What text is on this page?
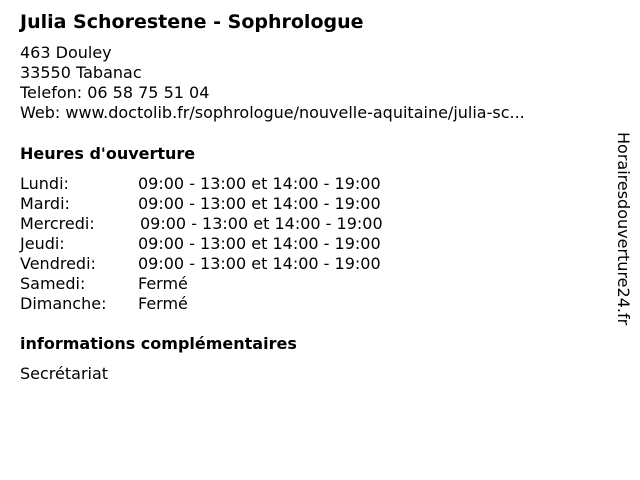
Julia Schorestene - Sophrologue
463 Douley
33550 Tabanac
Telefon: 06 58 75 51 04
Web: www.doctolib.fr/sophrologue/nouvelle-aquitaine/julia-sc...
Heures d'ouverture
Lundi:	09:00 - 13:00 et 14:00 - 19:00
Mardi:	09:00 - 13:00 et 14:00 - 19:00
Mercredi:	09:00 - 13:00 et 14:00 - 19:00
Jeudi:	09:00 - 13:00 et 14:00 - 19:00
Vendredi:	09:00 - 13:00 et 14:00 - 19:00
Samedi:	Fermé
Dimanche: Fermé
informations complémentaires
Secrétariat
Horairesdouverture24.fr
